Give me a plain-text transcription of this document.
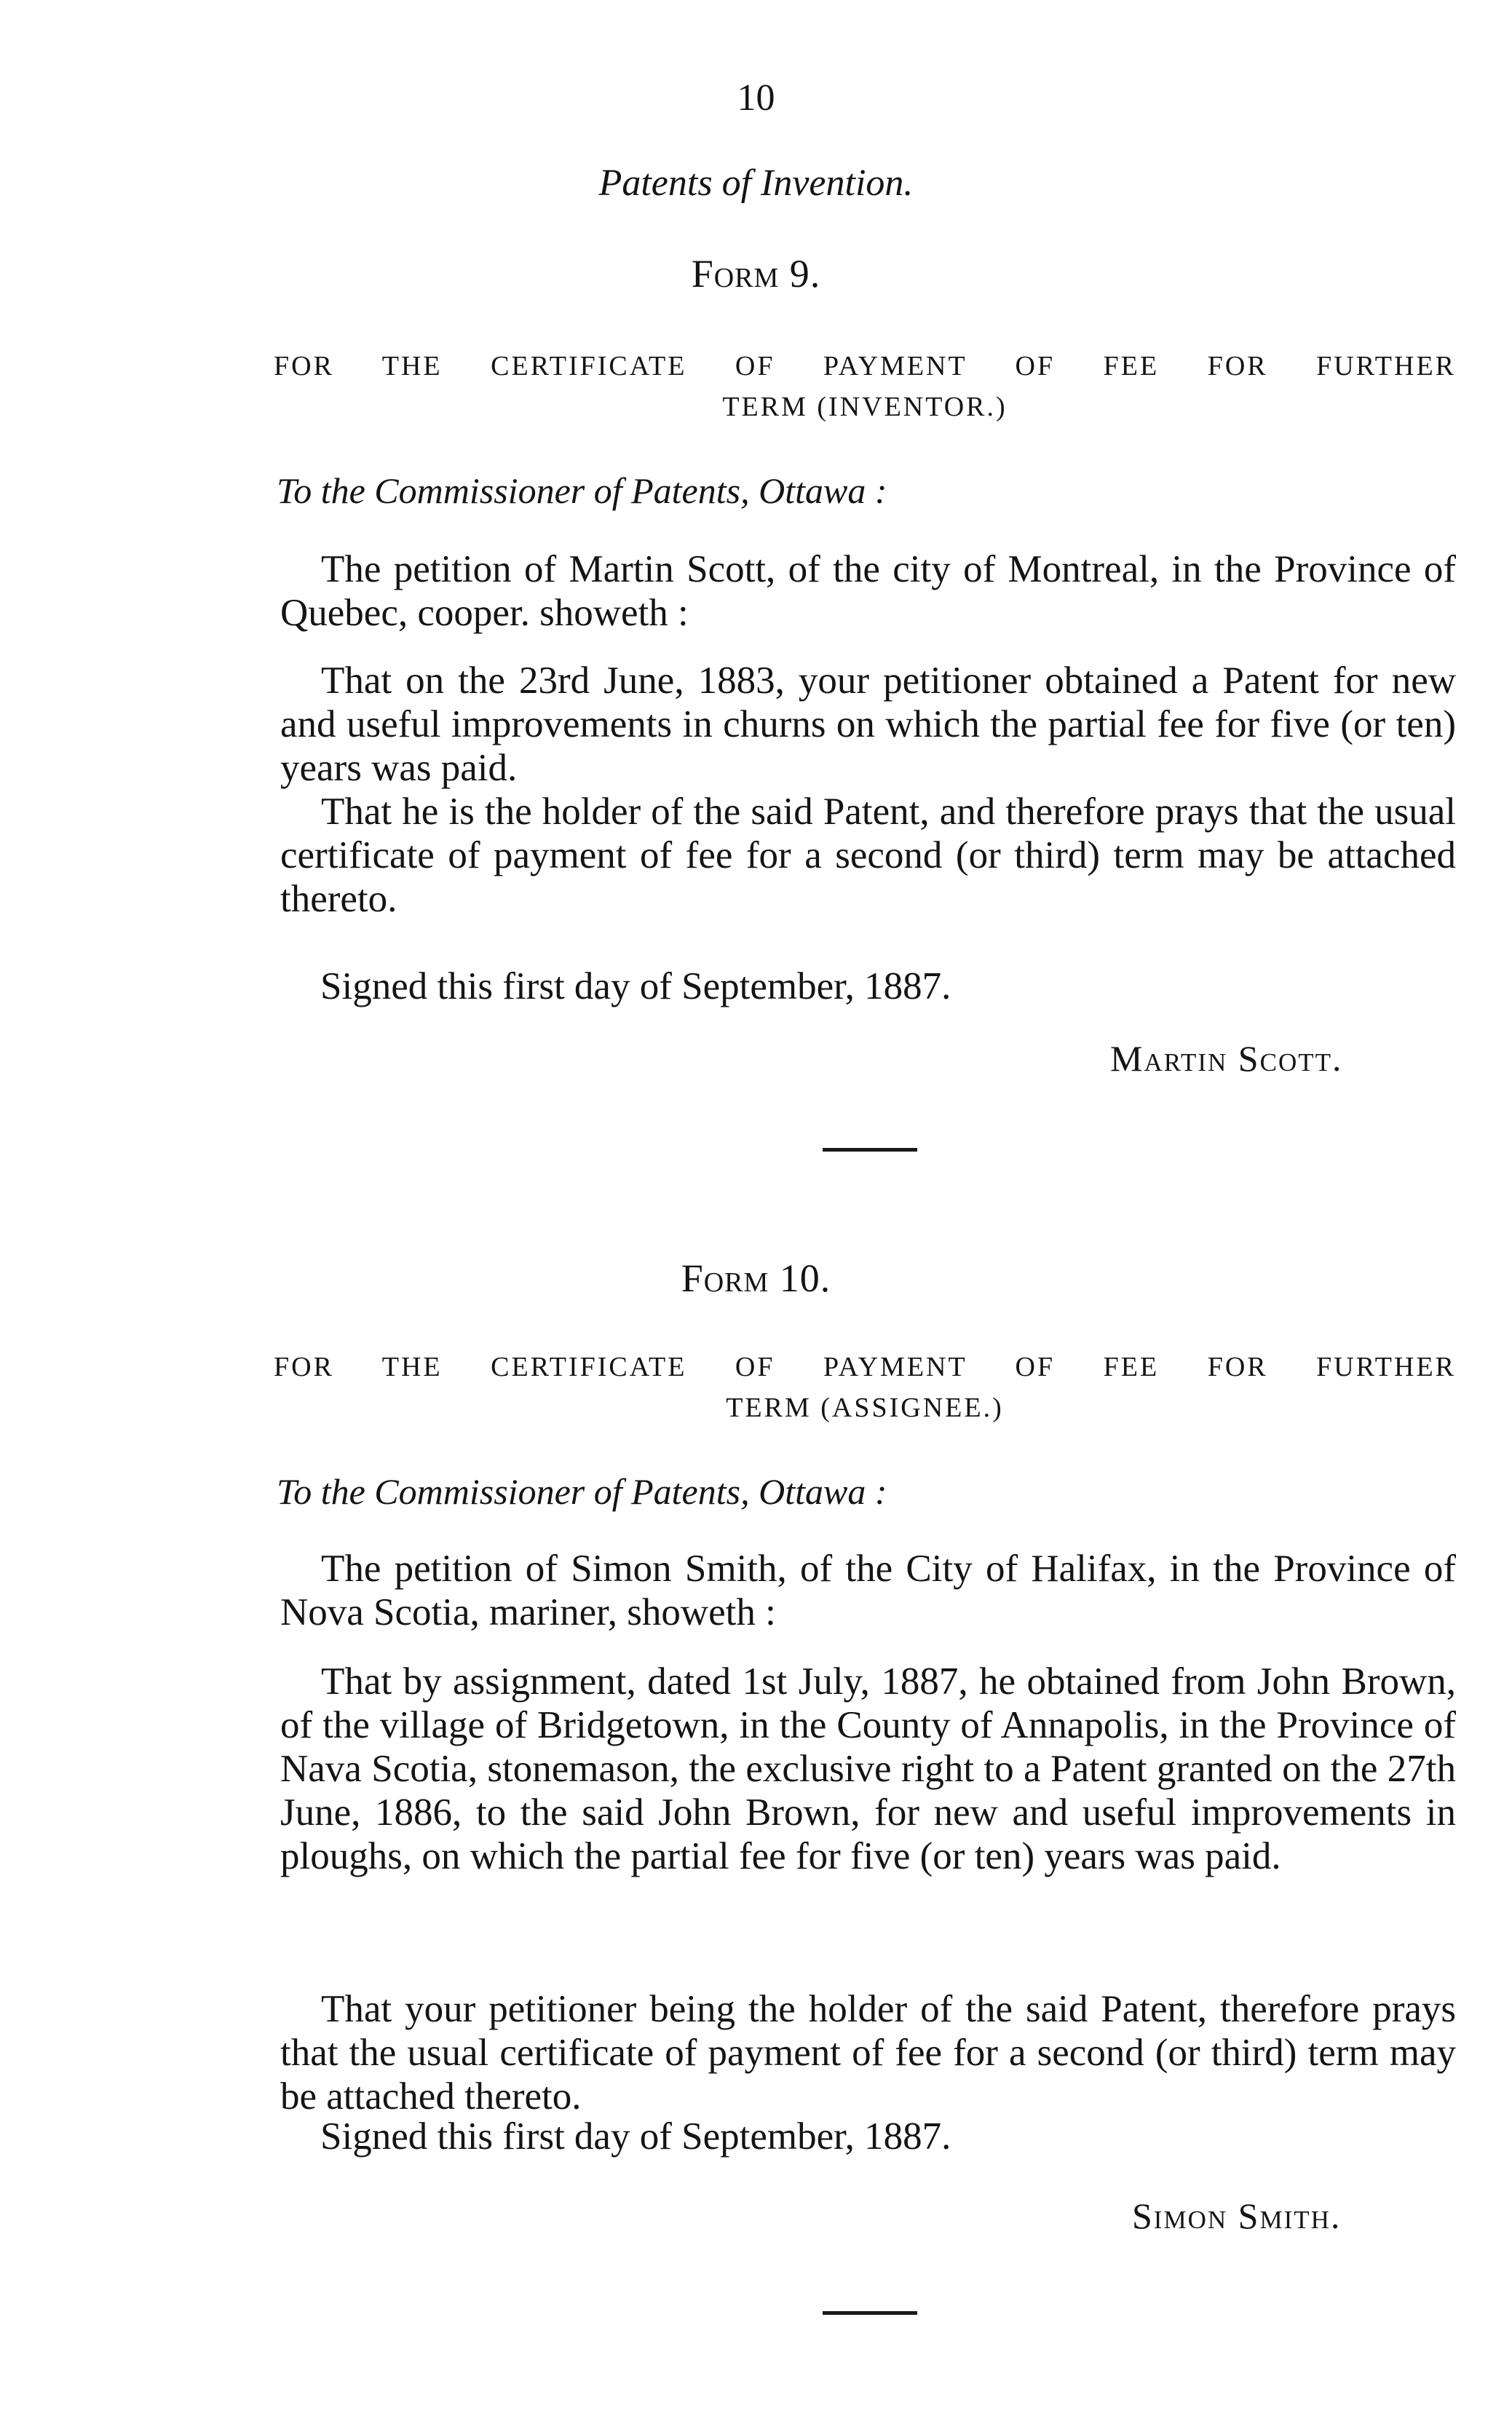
10
Patents of Invention.
Form 9.
FOR THE CERTIFICATE OF PAYMENT OF FEE FOR FURTHER
TERM (INVENTOR.)
To the Commissioner of Patents, Ottawa :
The petition of Martin Scott, of the city of Montreal, in the Province of Quebec, cooper. showeth :
That on the 23rd June, 1883, your petitioner obtained a Patent for new and useful improvements in churns on which the partial fee for five (or ten) years was paid.
That he is the holder of the said Patent, and therefore prays that the usual certificate of payment of fee for a second (or third) term may be attached thereto.
Signed this first day of September, 1887.
Martin Scott.
Form 10.
FOR THE CERTIFICATE OF PAYMENT OF FEE FOR FURTHER
TERM (ASSIGNEE.)
To the Commissioner of Patents, Ottawa :
The petition of Simon Smith, of the City of Halifax, in the Province of Nova Scotia, mariner, showeth :
That by assignment, dated 1st July, 1887, he obtained from John Brown, of the village of Bridgetown, in the County of Annapolis, in the Province of Nava Scotia, stonemason, the exclusive right to a Patent granted on the 27th June, 1886, to the said John Brown, for new and useful improvements in ploughs, on which the partial fee for five (or ten) years was paid.
That your petitioner being the holder of the said Patent, therefore prays that the usual certificate of payment of fee for a second (or third) term may be attached thereto.
Signed this first day of September, 1887.
Simon Smith.
